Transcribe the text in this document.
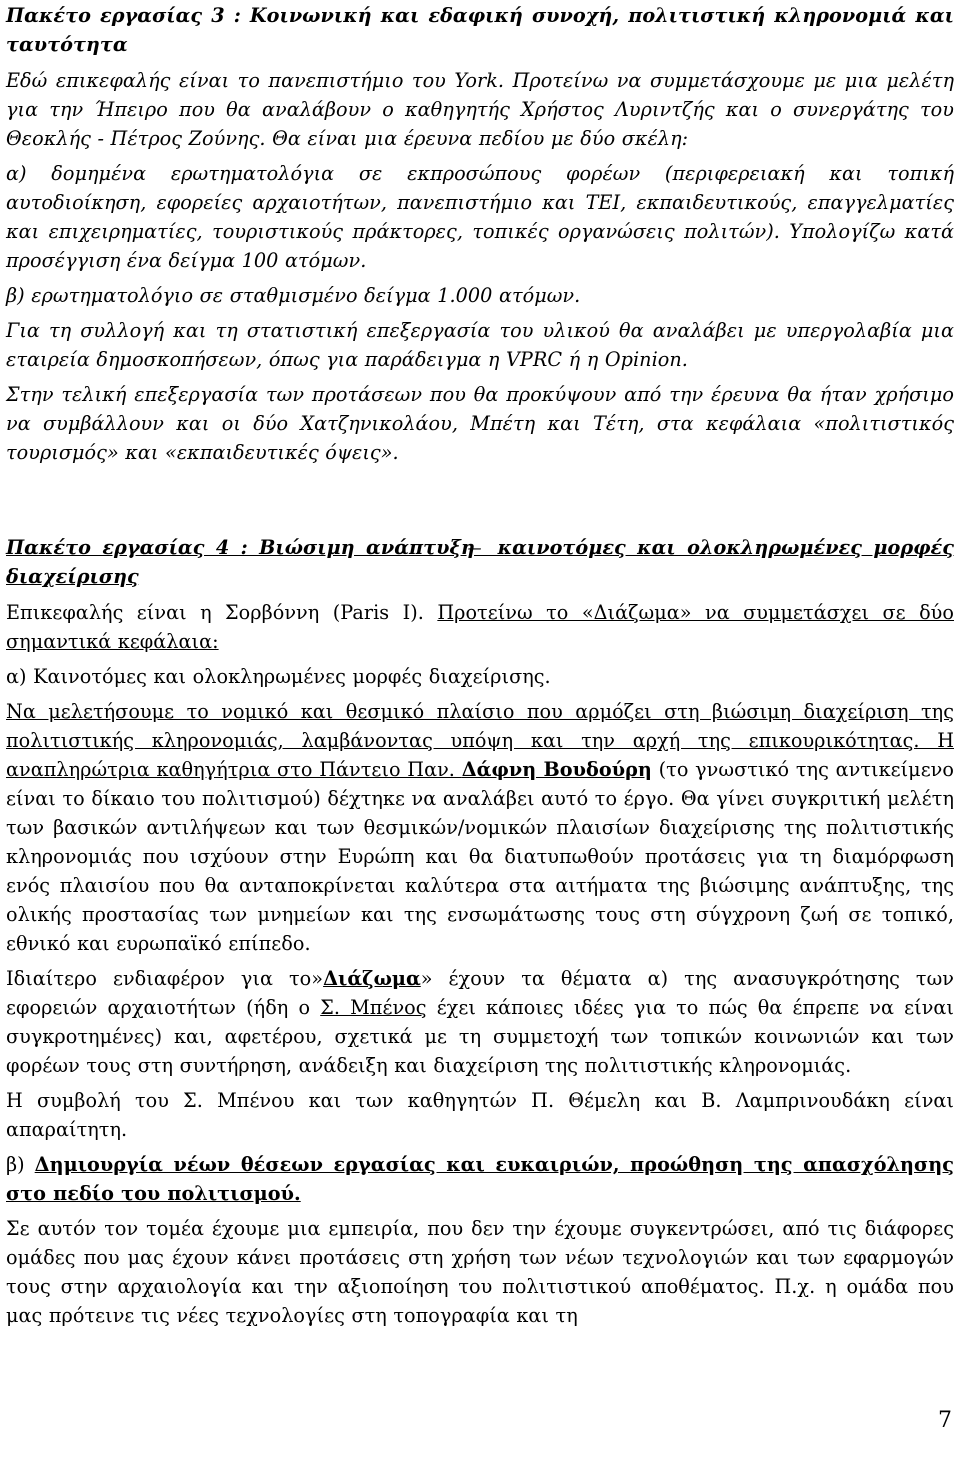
Πακέτο εργασίας 3 : Κοινωνική και εδαφική συνοχή, πολιτιστική κληρονομιά και ταυτότητα

Εδώ επικεφαλής είναι το πανεπιστήμιο του York. Προτείνω να συμμετάσχουμε με μια μελέτη για την Ήπειρο που θα αναλάβουν ο καθηγητής Χρήστος Λυριντζής και ο συνεργάτης του Θεοκλής - Πέτρος Ζούνης. Θα είναι μια έρευνα πεδίου με δύο σκέλη:

α) δομημένα ερωτηματολόγια σε εκπροσώπους φορέων (περιφερειακή και τοπική αυτοδιοίκηση, εφορείες αρχαιοτήτων, πανεπιστήμιο και ΤΕΙ, εκπαιδευτικούς, επαγγελματίες και επιχειρηματίες, τουριστικούς πράκτορες, τοπικές οργανώσεις πολιτών). Υπολογίζω κατά προσέγγιση ένα δείγμα 100 ατόμων.

β) ερωτηματολόγιο σε σταθμισμένο δείγμα 1.000 ατόμων.

Για τη συλλογή και τη στατιστική επεξεργασία του υλικού θα αναλάβει με υπεργολαβία μια εταιρεία δημοσκοπήσεων, όπως για παράδειγμα η VPRC ή η Opinion.

Στην τελική επεξεργασία των προτάσεων που θα προκύψουν από την έρευνα θα ήταν χρήσιμο να συμβάλλουν και οι δύο Χατζηνικολάου, Μπέτη και Τέτη, στα κεφάλαια «πολιτιστικός τουρισμός» και «εκπαιδευτικές όψεις».

Πακέτο εργασίας 4 : Βιώσιμη ανάπτυξη ̶ καινοτόμες και ολοκληρωμένες μορφές διαχείρισης

Επικεφαλής είναι η Σορβόννη (Paris I). Προτείνω το «Διάζωμα» να συμμετάσχει σε δύο σημαντικά κεφάλαια:

α) Καινοτόμες και ολοκληρωμένες μορφές διαχείρισης.

Να μελετήσουμε το νομικό και θεσμικό πλαίσιο που αρμόζει στη βιώσιμη διαχείριση της πολιτιστικής κληρονομιάς, λαμβάνοντας υπόψη και την αρχή της επικουρικότητας. Η αναπληρώτρια καθηγήτρια στο Πάντειο Παν. Δάφνη Βουδούρη (το γνωστικό της αντικείμενο είναι το δίκαιο του πολιτισμού) δέχτηκε να αναλάβει αυτό το έργο. Θα γίνει συγκριτική μελέτη των βασικών αντιλήψεων και των θεσμικών/νομικών πλαισίων διαχείρισης της πολιτιστικής κληρονομιάς που ισχύουν στην Ευρώπη και θα διατυπωθούν προτάσεις για τη διαμόρφωση ενός πλαισίου που θα ανταποκρίνεται καλύτερα στα αιτήματα της βιώσιμης ανάπτυξης, της ολικής προστασίας των μνημείων και της ενσωμάτωσης τους στη σύγχρονη ζωή σε τοπικό, εθνικό και ευρωπαϊκό επίπεδο.

Ιδιαίτερο ενδιαφέρον για το»Διάζωμα» έχουν τα θέματα α) της ανασυγκρότησης των εφορειών αρχαιοτήτων (ήδη ο Σ. Μπένος έχει κάποιες ιδέες για το πώς θα έπρεπε να είναι συγκροτημένες) και, αφετέρου, σχετικά με τη συμμετοχή των τοπικών κοινωνιών και των φορέων τους στη συντήρηση, ανάδειξη και διαχείριση της πολιτιστικής κληρονομιάς.

Η συμβολή του Σ. Μπένου και των καθηγητών Π. Θέμελη και Β. Λαμπρινουδάκη είναι απαραίτητη.

β) Δημιουργία νέων θέσεων εργασίας και ευκαιριών, προώθηση της απασχόλησης στο πεδίο του πολιτισμού.

Σε αυτόν τον τομέα έχουμε μια εμπειρία, που δεν την έχουμε συγκεντρώσει, από τις διάφορες ομάδες που μας έχουν κάνει προτάσεις στη χρήση των νέων τεχνολογιών και των εφαρμογών τους στην αρχαιολογία και την αξιοποίηση του πολιτιστικού αποθέματος. Π.χ. η ομάδα που μας πρότεινε τις νέες τεχνολογίες στη τοπογραφία και τη

7
